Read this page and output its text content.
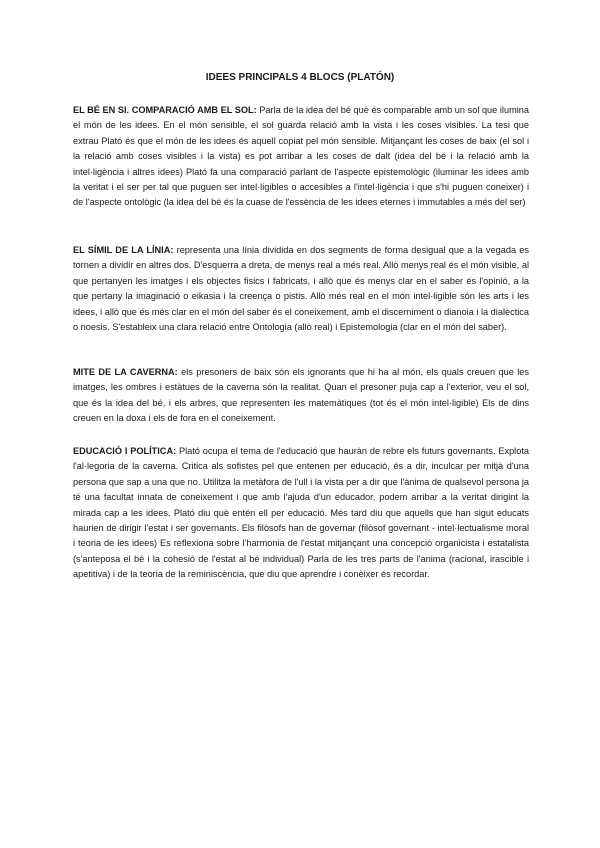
IDEES PRINCIPALS 4 BLOCS (PLATÓN)
EL BÉ EN SI. COMPARACIÓ AMB EL SOL: Parla de la idea del bé què és comparable amb un sol que ilumina el món de les idees. En el món sensible, el sol guarda relació amb la vista i les coses visibles. La tesi que extrau Plató és que el món de les idees és aquell copiat pel món sensible. Mitjançant les coses de baix (el sol i la relació amb coses visibles i la vista) es pot arribar a les coses de dalt (idea del bé i la relació amb la intel·ligència i altres idees) Plató fa una comparació parlant de l'aspecte epistemològic (iluminar les idees amb la veritat i el ser per tal que puguen ser intel·ligibles o accesibles a l'intel·ligència i que s'hi puguen coneixer) i de l'aspecte ontològic (la idea del bé és la cuase de l'essència de les idees eternes i immutables a més del ser)
EL SÍMIL DE LA LÍNIA: representa una línia dividida en dos segments de forma desigual que a la vegada es tornen a dividir en altres dos. D'esquerra a dreta, de menys real a més real. Allò menys real és el món visible, al que pertanyen les imatges i els objectes fisics i fabricats, i allò que és menys clar en el saber és l'opinió, a la que pertany la imaginació o eikasia i la creença o pistis. Allò més real en el món intel·ligible són les arts i les idees, i allò que és més clar en el món del saber és el coneixement, amb el discerniment o dianoia i la dialèctica o noesis. S'estableix una clara relació entre Ontologia (allò real) i Epistemologia (clar en el món del saber).
MITE DE LA CAVERNA: els presoners de baix són els ignorants que hi ha al món, els quals creuen que les imatges, les ombres i estàtues de la caverna són la realitat. Quan el presoner puja cap a l'exterior, veu el sol, que és la idea del bé, i els arbres, que representen les matemàtiques (tot és el món intel·ligible) Els de dins creuen en la doxa i els de fora en el coneixement.
EDUCACIÓ I POLÍTICA: Plató ocupa el tema de l'educació que hauràn de rebre els futurs governants. Explota l'al·legoria de la caverna. Critica als sofistes pel que entenen per educació, és a dir, inculcar per mitjà d'una persona que sap a una que no. Utilitza la metàfora de l'ull i la vista per a dir que l'ànima de qualsevol persona ja té una facultat innata de coneixement i que amb l'ajuda d'un educador, podem arribar a la veritat dirigint la mirada cap a les idees. Plató diu què entén ell per educació. Més tard diu que aquells que han sigut educats haurien de dirigir l'estat i ser governants. Els filòsofs han de governar (filòsof governant - intel·lectualisme moral i teoria de les idees) Es reflexiona sobre l'harmonia de l'estat mitjançant una concepció organicista i estatalista (s'anteposa el bé i la cohesió de l'estat al bé individual) Parla de les tres parts de l'anima (racional, irascible i apetitiva) i de la teoria de la reminiscència, que diu que aprendre i conèixer és recordar.
